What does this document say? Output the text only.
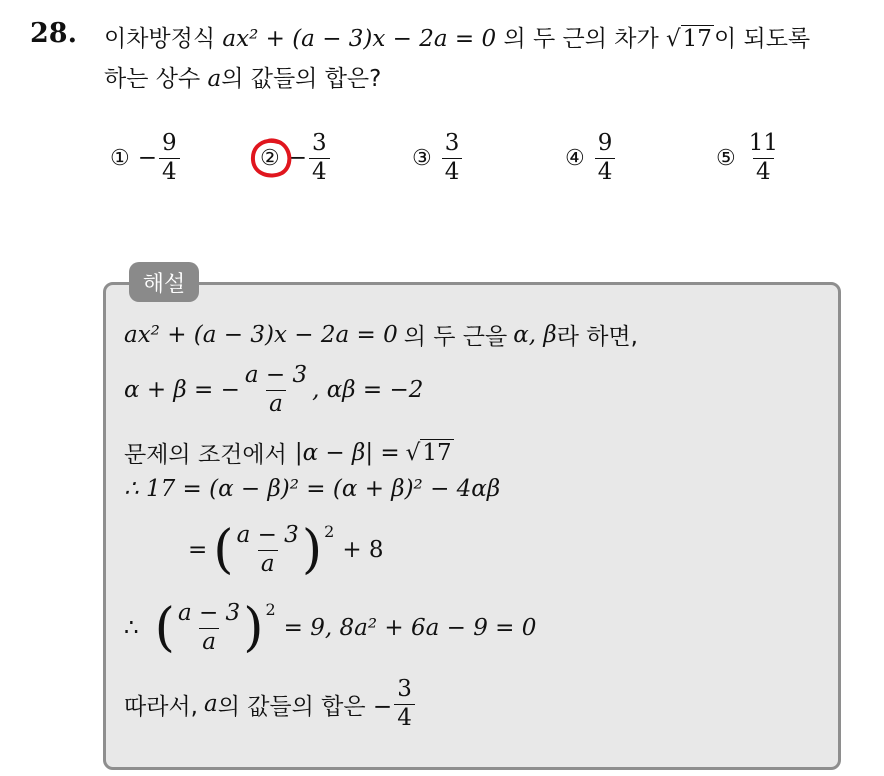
28. 이차방정식 ax² + (a − 3)x − 2a = 0 의 두 근의 차가 √17이 되도록
하는 상수 a의 값들의 합은?
① − $\frac{9}{4}$	② − $\frac{3}{4}$	③ $\frac{3}{4}$	④ $\frac{9}{4}$	⑤ $\frac{11}{4}$
해설
ax² + (a − 3)x − 2a = 0 의 두 근을 α, β 라 하면,
α + β = − $\frac{a - 3}{a}$ , αβ = −2
문제의 조건에서 |α − β| = √17
∴ 17 = (α − β)² = (α + β)² − 4αβ
= ( $\frac{a - 3}{a}$ ) 2
+ 8
∴ ( $\frac{a - 3}{a}$ ) 2
= 9, 8a² + 6a − 9 = 0
따라서, a 의 값들의 합은 − $\frac{3}{4}$
